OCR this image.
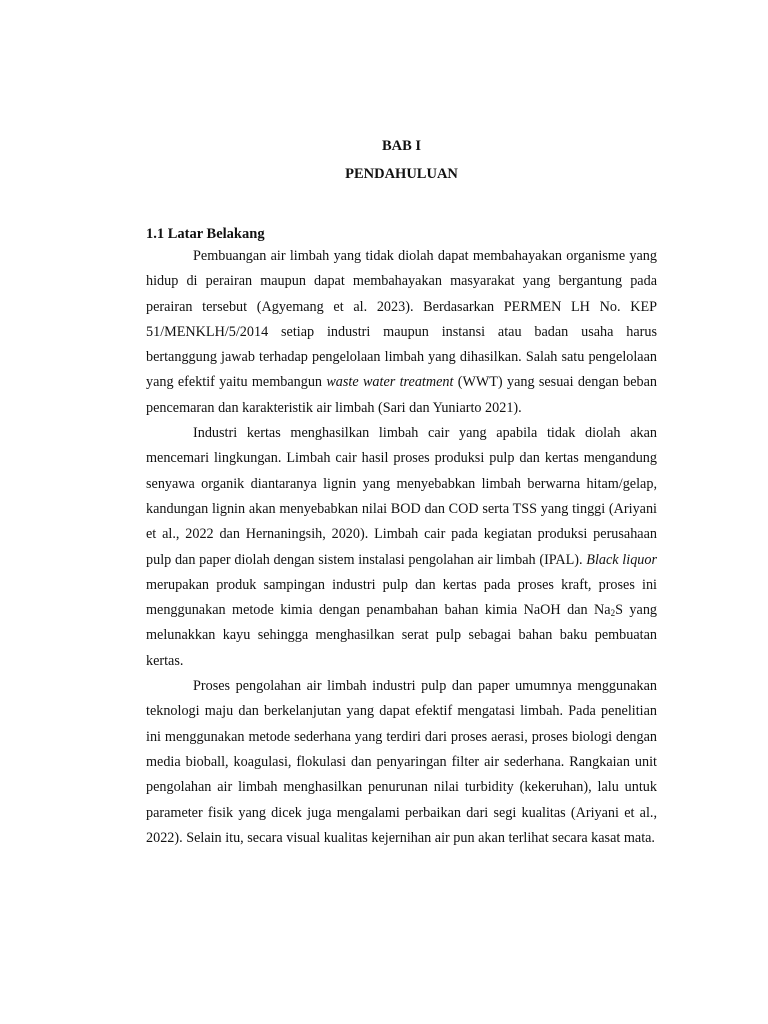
BAB I

PENDAHULUAN

1.1 Latar Belakang

Pembuangan air limbah yang tidak diolah dapat membahayakan organisme yang hidup di perairan maupun dapat membahayakan masyarakat yang bergantung pada perairan tersebut (Agyemang et al. 2023). Berdasarkan PERMEN LH No. KEP 51/MENKLH/5/2014 setiap industri maupun instansi atau badan usaha harus bertanggung jawab terhadap pengelolaan limbah yang dihasilkan. Salah satu pengelolaan yang efektif yaitu membangun waste water treatment (WWT) yang sesuai dengan beban pencemaran dan karakteristik air limbah (Sari dan Yuniarto 2021).

Industri kertas menghasilkan limbah cair yang apabila tidak diolah akan mencemari lingkungan. Limbah cair hasil proses produksi pulp dan kertas mengandung senyawa organik diantaranya lignin yang menyebabkan limbah berwarna hitam/gelap, kandungan lignin akan menyebabkan nilai BOD dan COD serta TSS yang tinggi (Ariyani et al., 2022 dan Hernaningsih, 2020). Limbah cair pada kegiatan produksi perusahaan pulp dan paper diolah dengan sistem instalasi pengolahan air limbah (IPAL). Black liquor merupakan produk sampingan industri pulp dan kertas pada proses kraft, proses ini menggunakan metode kimia dengan penambahan bahan kimia NaOH dan $Na_2S$ yang melunakkan kayu sehingga menghasilkan serat pulp sebagai bahan baku pembuatan kertas.

Proses pengolahan air limbah industri pulp dan paper umumnya menggunakan teknologi maju dan berkelanjutan yang dapat efektif mengatasi limbah. Pada penelitian ini menggunakan metode sederhana yang terdiri dari proses aerasi, proses biologi dengan media bioball, koagulasi, flokulasi dan penyaringan filter air sederhana. Rangkaian unit pengolahan air limbah menghasilkan penurunan nilai turbidity (kekeruhan), lalu untuk parameter fisik yang dicek juga mengalami perbaikan dari segi kualitas (Ariyani et al., 2022). Selain itu, secara visual kualitas kejernihan air pun akan terlihat secara kasat mata.
